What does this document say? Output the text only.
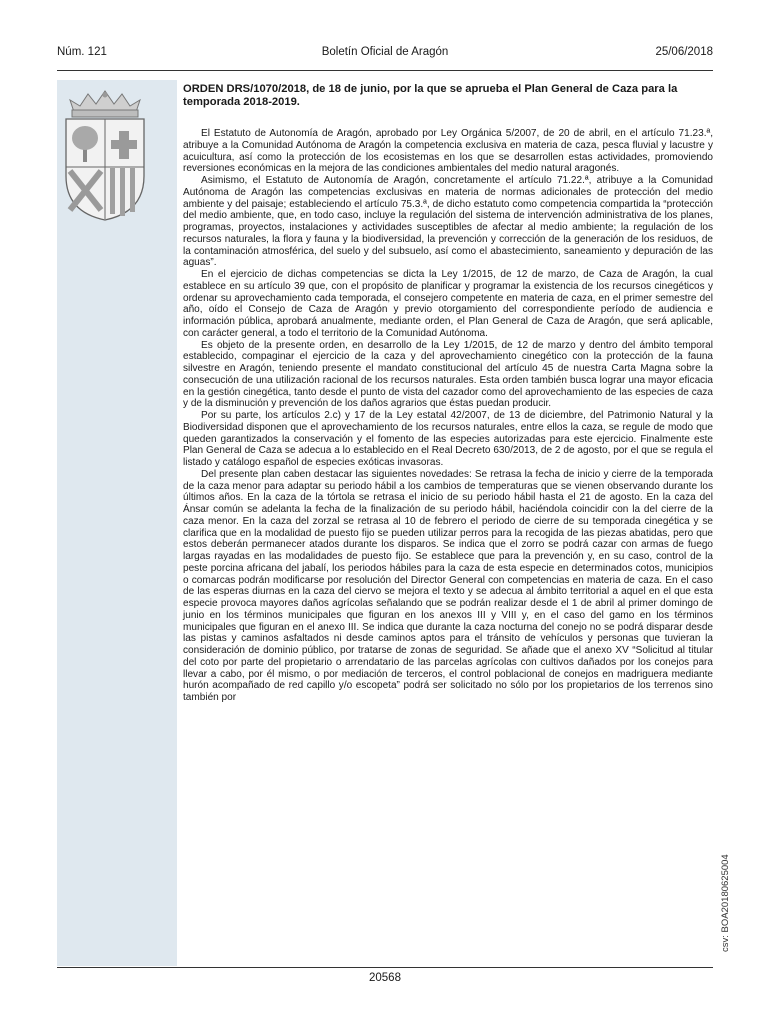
Núm. 121	Boletín Oficial de Aragón	25/06/2018
ORDEN DRS/1070/2018, de 18 de junio, por la que se aprueba el Plan General de Caza para la temporada 2018-2019.

El Estatuto de Autonomía de Aragón, aprobado por Ley Orgánica 5/2007, de 20 de abril, en el artículo 71.23.ª, atribuye a la Comunidad Autónoma de Aragón la competencia exclusiva en materia de caza, pesca fluvial y lacustre y acuicultura, así como la protección de los ecosistemas en los que se desarrollen estas actividades, promoviendo reversiones económicas en la mejora de las condiciones ambientales del medio natural aragonés.

Asimismo, el Estatuto de Autonomía de Aragón, concretamente el artículo 71.22.ª, atribuye a la Comunidad Autónoma de Aragón las competencias exclusivas en materia de normas adicionales de protección del medio ambiente y del paisaje; estableciendo el artículo 75.3.ª, de dicho estatuto como competencia compartida la “protección del medio ambiente, que, en todo caso, incluye la regulación del sistema de intervención administrativa de los planes, programas, proyectos, instalaciones y actividades susceptibles de afectar al medio ambiente; la regulación de los recursos naturales, la flora y fauna y la biodiversidad, la prevención y corrección de la generación de los residuos, de la contaminación atmosférica, del suelo y del subsuelo, así como el abastecimiento, saneamiento y depuración de las aguas”.

En el ejercicio de dichas competencias se dicta la Ley 1/2015, de 12 de marzo, de Caza de Aragón, la cual establece en su artículo 39 que, con el propósito de planificar y programar la existencia de los recursos cinegéticos y ordenar su aprovechamiento cada temporada, el consejero competente en materia de caza, en el primer semestre del año, oído el Consejo de Caza de Aragón y previo otorgamiento del correspondiente período de audiencia e información pública, aprobará anualmente, mediante orden, el Plan General de Caza de Aragón, que será aplicable, con carácter general, a todo el territorio de la Comunidad Autónoma.

Es objeto de la presente orden, en desarrollo de la Ley 1/2015, de 12 de marzo y dentro del ámbito temporal establecido, compaginar el ejercicio de la caza y del aprovechamiento cinegético con la protección de la fauna silvestre en Aragón, teniendo presente el mandato constitucional del artículo 45 de nuestra Carta Magna sobre la consecución de una utilización racional de los recursos naturales. Esta orden también busca lograr una mayor eficacia en la gestión cinegética, tanto desde el punto de vista del cazador como del aprovechamiento de las especies de caza y de la disminución y prevención de los daños agrarios que éstas puedan producir.

Por su parte, los artículos 2.c) y 17 de la Ley estatal 42/2007, de 13 de diciembre, del Patrimonio Natural y la Biodiversidad disponen que el aprovechamiento de los recursos naturales, entre ellos la caza, se regule de modo que queden garantizados la conservación y el fomento de las especies autorizadas para este ejercicio. Finalmente este Plan General de Caza se adecua a lo establecido en el Real Decreto 630/2013, de 2 de agosto, por el que se regula el listado y catálogo español de especies exóticas invasoras.

Del presente plan caben destacar las siguientes novedades: Se retrasa la fecha de inicio y cierre de la temporada de la caza menor para adaptar su periodo hábil a los cambios de temperaturas que se vienen observando durante los últimos años. En la caza de la tórtola se retrasa el inicio de su periodo hábil hasta el 21 de agosto. En la caza del Ánsar común se adelanta la fecha de la finalización de su periodo hábil, haciéndola coincidir con la del cierre de la caza menor. En la caza del zorzal se retrasa al 10 de febrero el periodo de cierre de su temporada cinegética y se clarifica que en la modalidad de puesto fijo se pueden utilizar perros para la recogida de las piezas abatidas, pero que estos deberán permanecer atados durante los disparos. Se indica que el zorro se podrá cazar con armas de fuego largas rayadas en las modalidades de puesto fijo. Se establece que para la prevención y, en su caso, control de la peste porcina africana del jabalí, los periodos hábiles para la caza de esta especie en determinados cotos, municipios o comarcas podrán modificarse por resolución del Director General con competencias en materia de caza. En el caso de las esperas diurnas en la caza del ciervo se mejora el texto y se adecua al ámbito territorial a aquel en el que esta especie provoca mayores daños agrícolas señalando que se podrán realizar desde el 1 de abril al primer domingo de junio en los términos municipales que figuran en los anexos III y VIII y, en el caso del gamo en los términos municipales que figuran en el anexo III. Se indica que durante la caza nocturna del conejo no se podrá disparar desde las pistas y caminos asfaltados ni desde caminos aptos para el tránsito de vehículos y personas que tuvieran la consideración de dominio público, por tratarse de zonas de seguridad. Se añade que el anexo XV “Solicitud al titular del coto por parte del propietario o arrendatario de las parcelas agrícolas con cultivos dañados por los conejos para llevar a cabo, por él mismo, o por mediación de terceros, el control poblacional de conejos en madriguera mediante hurón acompañado de red capillo y/o escopeta” podrá ser solicitado no sólo por los propietarios de los terrenos sino también por

20568
csv: BOA20180625004
